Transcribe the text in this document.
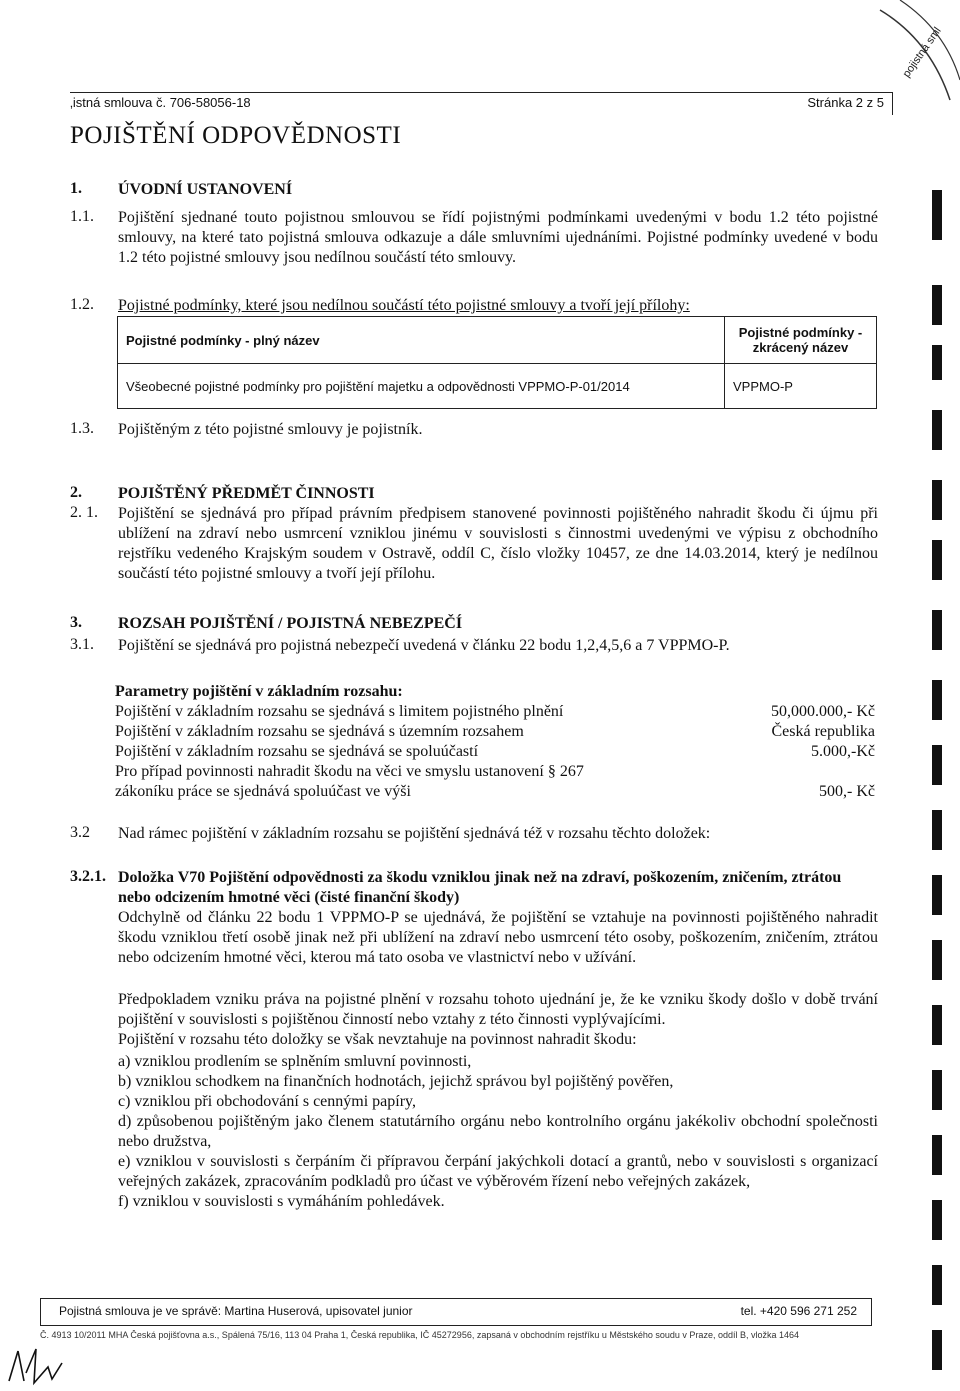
‚istná smlouva č. 706-58056-18	Stránka 2 z 5
POJIŠTĚNÍ ODPOVĚDNOSTI
1. ÚVODNÍ USTANOVENÍ
1.1. Pojištění sjednané touto pojistnou smlouvou se řídí pojistnými podmínkami uvedenými v bodu 1.2 této pojistné smlouvy, na které tato pojistná smlouva odkazuje a dále smluvními ujednáními. Pojistné podmínky uvedené v bodu 1.2 této pojistné smlouvy jsou nedílnou součástí této smlouvy.
1.2. Pojistné podmínky, které jsou nedílnou součástí této pojistné smlouvy a tvoří její přílohy:
Pojistné podmínky - plný název	Pojistné podmínky - zkrácený název
Všeobecné pojistné podmínky pro pojištění majetku a odpovědnosti VPPMO-P-01/2014	VPPMO-P
1.3. Pojištěným z této pojistné smlouvy je pojistník.
2. POJIŠTĚNÝ PŘEDMĚT ČINNOSTI
2. 1. Pojištění se sjednává pro případ právním předpisem stanovené povinnosti pojištěného nahradit škodu či újmu při ublížení na zdraví nebo usmrcení vzniklou jinému v souvislosti s činnostmi uvedenými ve výpisu z obchodního rejstříku vedeného Krajským soudem v Ostravě, oddíl C, číslo vložky 10457, ze dne 14.03.2014, který je nedílnou součástí této pojistné smlouvy a tvoří její přílohu.
3. ROZSAH POJIŠTĚNÍ / POJISTNÁ NEBEZPEČÍ
3.1. Pojištění se sjednává pro pojistná nebezpečí uvedená v článku 22 bodu 1,2,4,5,6 a 7 VPPMO-P.
Parametry pojištění v základním rozsahu:
Pojištění v základním rozsahu se sjednává s limitem pojistného plnění	50,000.000,- Kč
Pojištění v základním rozsahu se sjednává s územním rozsahem	Česká republika
Pojištění v základním rozsahu se sjednává se spoluúčastí	5.000,-Kč
Pro případ povinnosti nahradit škodu na věci ve smyslu ustanovení § 267
zákoníku práce se sjednává spoluúčast ve výši	500,- Kč
3.2 Nad rámec pojištění v základním rozsahu se pojištění sjednává též v rozsahu těchto doložek:
3.2.1. Doložka V70 Pojištění odpovědnosti za škodu vzniklou jinak než na zdraví, poškozením, zničením, ztrátou nebo odcizením hmotné věci (čisté finanční škody)
Odchylně od článku 22 bodu 1 VPPMO-P se ujednává, že pojištění se vztahuje na povinnosti pojištěného nahradit škodu vzniklou třetí osobě jinak než při ublížení na zdraví nebo usmrcení této osoby, poškozením, zničením, ztrátou nebo odcizením hmotné věci, kterou má tato osoba ve vlastnictví nebo v užívání.
Předpokladem vzniku práva na pojistné plnění v rozsahu tohoto ujednání je, že ke vzniku škody došlo v době trvání pojištění v souvislosti s pojištěnou činností nebo vztahy z této činnosti vyplývajícími.
Pojištění v rozsahu této doložky se však nevztahuje na povinnost nahradit škodu:
a) vzniklou prodlením se splněním smluvní povinnosti,
b) vzniklou schodkem na finančních hodnotách, jejichž správou byl pojištěný pověřen,
c) vzniklou při obchodování s cennými papíry,
d) způsobenou pojištěným jako členem statutárního orgánu nebo kontrolního orgánu jakékoliv obchodní společnosti nebo družstva,
e) vzniklou v souvislosti s čerpáním či přípravou čerpání jakýchkoli dotací a grantů, nebo v souvislosti s organizací veřejných zakázek, zpracováním podkladů pro účast ve výběrovém řízení nebo veřejných zakázek,
f) vzniklou v souvislosti s vymáháním pohledávek.
Pojistná smlouva je ve správě: Martina Huserová, upisovatel junior	tel. +420 596 271 252
Č. 4913 10/2011 MHA Česká pojišťovna a.s., Spálená 75/16, 113 04 Praha 1, Česká republika, IČ 45272956, zapsaná v obchodním rejstříku u Městského soudu v Praze, oddíl B, vložka 1464
pojistná sml
